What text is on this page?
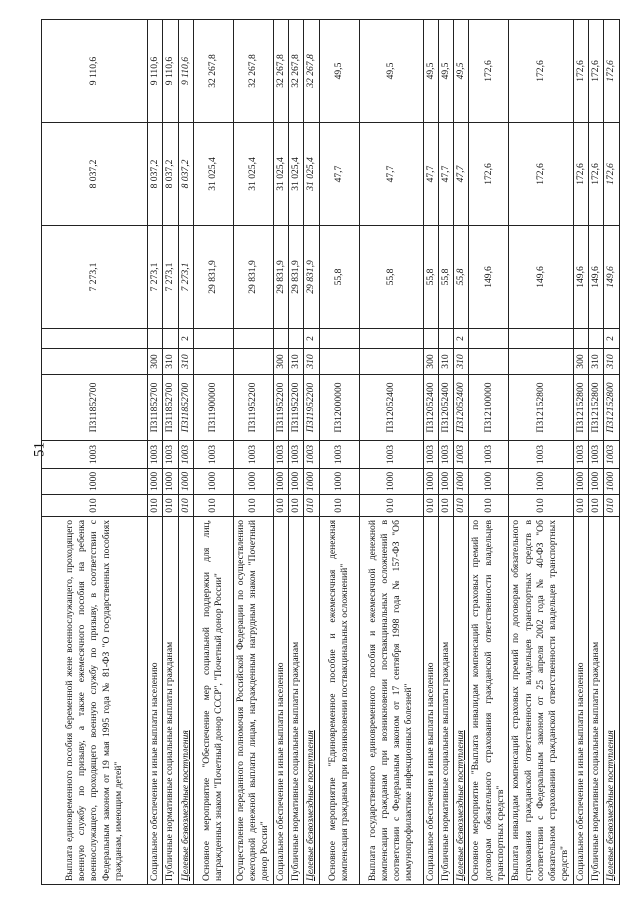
51
Выплата единовременного пособия беременной жене военнослужащего, проходящего военную службу по призыву, а также ежемесячного пособия на ребенка военнослужащего, проходящего военную службу по призыву, в соответствии с Федеральным законом от 19 мая 1995 года № 81-ФЗ "О государственных пособиях гражданам, имеющим детей"	010	1000	1003	П311852700			7 273,1	8 037,2	9 110,6
Социальное обеспечение и иные выплаты населению	010	1000	1003	П311852700	300		7 273,1	8 037,2	9 110,6
Публичные нормативные социальные выплаты гражданам	010	1000	1003	П311852700	310		7 273,1	8 037,2	9 110,6
Целевые безвозмездные поступления	010	1000	1003	П311852700	310	2	7 273,1	8 037,2	9 110,6
Основное мероприятие "Обеспечение мер социальной поддержки для лиц, награжденных знаком "Почетный донор СССР", "Почетный донор России"	010	1000	1003	П311900000			29 831,9	31 025,4	32 267,8
Осуществление переданного полномочия Российской Федерации по осуществлению ежегодной денежной выплаты лицам, награжденным нагрудным знаком "Почетный донор России"	010	1000	1003	П311952200			29 831,9	31 025,4	32 267,8
Социальное обеспечение и иные выплаты населению	010	1000	1003	П311952200	300		29 831,9	31 025,4	32 267,8
Публичные нормативные социальные выплаты гражданам	010	1000	1003	П311952200	310		29 831,9	31 025,4	32 267,8
Целевые безвозмездные поступления	010	1000	1003	П311952200	310	2	29 831,9	31 025,4	32 267,8
Основное мероприятие "Единовременное пособие и ежемесячная денежная компенсация гражданам при возникновении поствакцинальных осложнений"	010	1000	1003	П312000000			55,8	47,7	49,5
Выплата государственного единовременного пособия и ежемесячной денежной компенсации гражданам при возникновении поствакцинальных осложнений в соответствии с Федеральным законом от 17 сентября 1998 года № 157-ФЗ "Об иммунопрофилактике инфекционных болезней"	010	1000	1003	П312052400			55,8	47,7	49,5
Социальное обеспечение и иные выплаты населению	010	1000	1003	П312052400	300		55,8	47,7	49,5
Публичные нормативные социальные выплаты гражданам	010	1000	1003	П312052400	310		55,8	47,7	49,5
Целевые безвозмездные поступления	010	1000	1003	П312052400	310	2	55,8	47,7	49,5
Основное мероприятие "Выплата инвалидам компенсаций страховых премий по договорам обязательного страхования гражданской ответственности владельцев транспортных средств"	010	1000	1003	П312100000			149,6	172,6	172,6
Выплата инвалидам компенсаций страховых премий по договорам обязательного страхования гражданской ответственности владельцев транспортных средств в соответствии с Федеральным законом от 25 апреля 2002 года № 40-ФЗ "Об обязательном страховании гражданской ответственности владельцев транспортных средств"	010	1000	1003	П312152800			149,6	172,6	172,6
Социальное обеспечение и иные выплаты населению	010	1000	1003	П312152800	300		149,6	172,6	172,6
Публичные нормативные социальные выплаты гражданам	010	1000	1003	П312152800	310		149,6	172,6	172,6
Целевые безвозмездные поступления	010	1000	1003	П312152800	310	2	149,6	172,6	172,6
